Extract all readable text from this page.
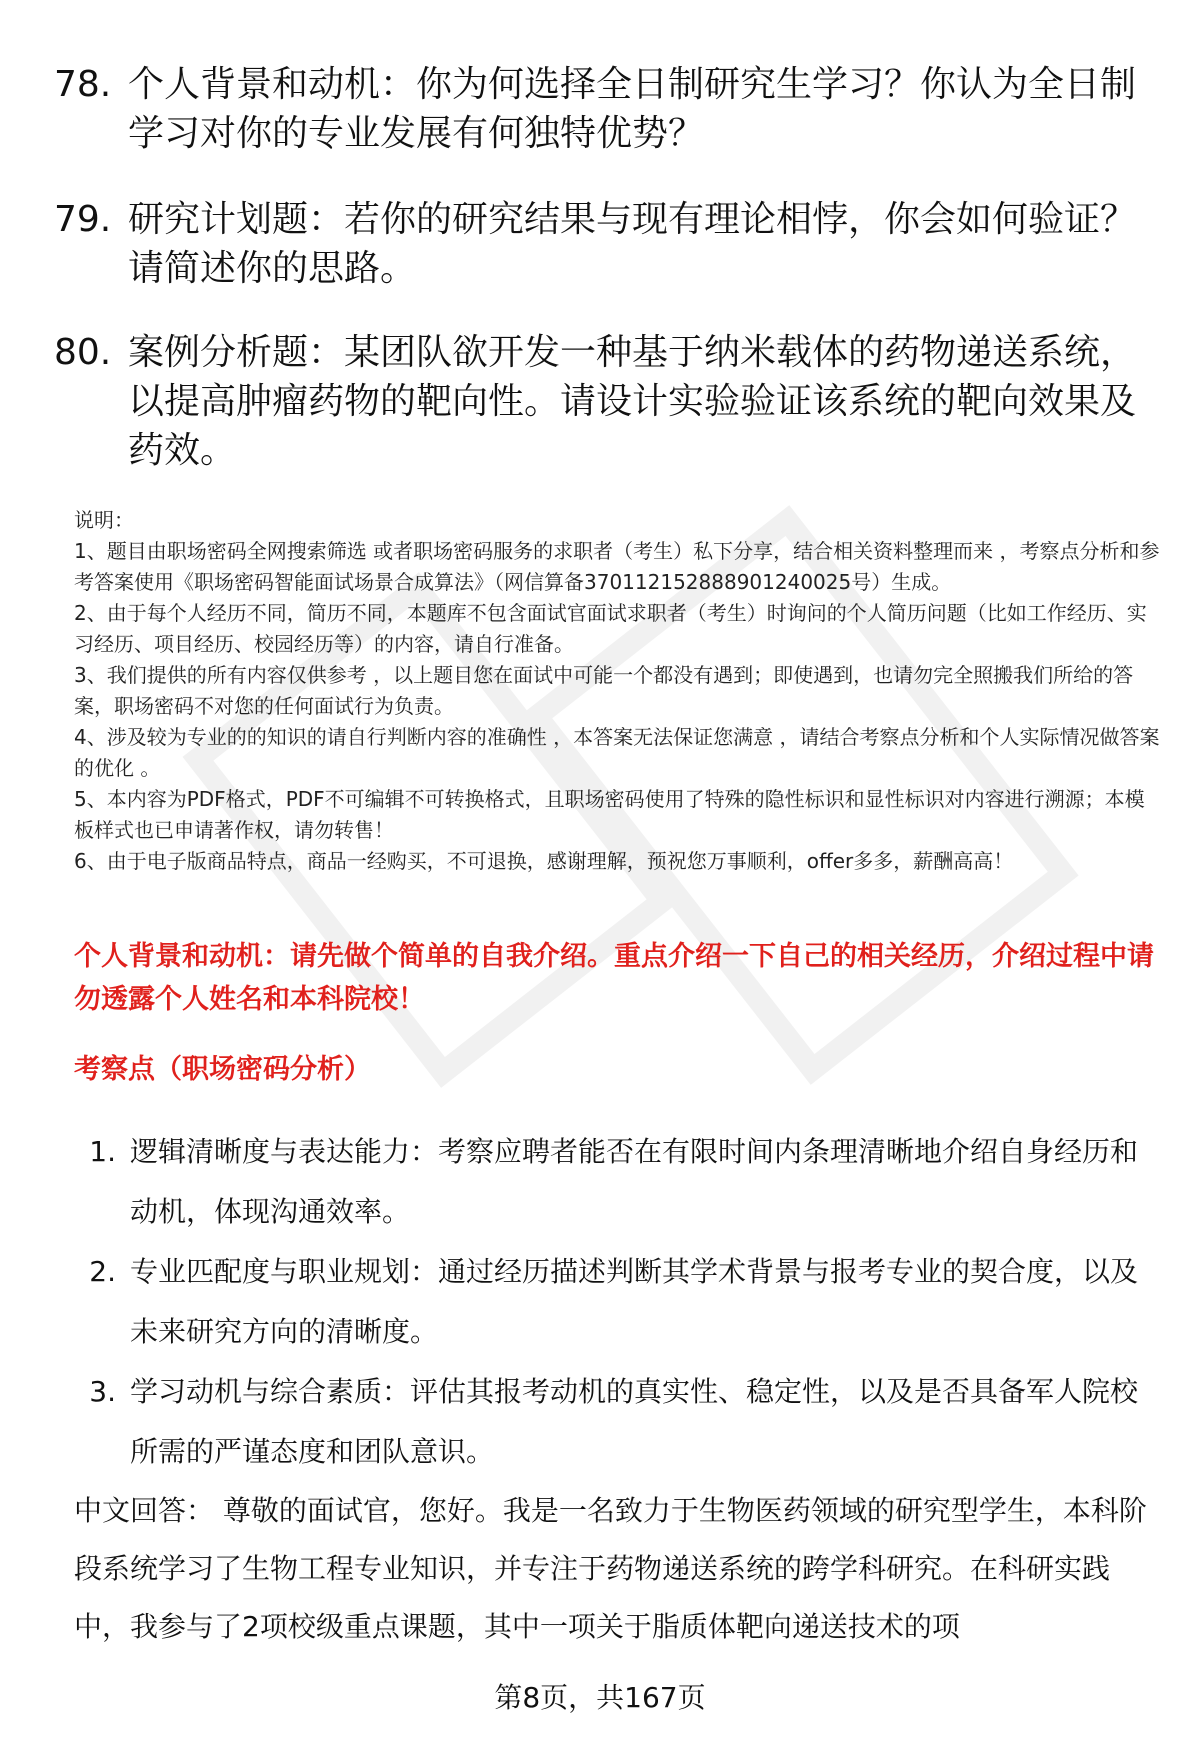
78. 个人背景和动机：你为何选择全日制研究生学习？你认为全日制学习对你的专业发展有何独特优势？
79. 研究计划题：若你的研究结果与现有理论相悖，你会如何验证？请简述你的思路。
80. 案例分析题：某团队欲开发一种基于纳米载体的药物递送系统，以提高肿瘤药物的靶向性。请设计实验验证该系统的靶向效果及药效。

说明：

1、题目由职场密码全网搜索筛选 或者职场密码服务的求职者（考生）私下分享，结合相关资料整理而来 ，考察点分析和参考答案使用《职场密码智能面试场景合成算法》（网信算备370112152888901240025号）生成。

2、由于每个人经历不同，简历不同，本题库不包含面试官面试求职者（考生）时询问的个人简历问题（比如工作经历、实习经历、项目经历、校园经历等）的内容，请自行准备。

3、我们提供的所有内容仅供参考 ，以上题目您在面试中可能一个都没有遇到；即使遇到，也请勿完全照搬我们所给的答案，职场密码不对您的任何面试行为负责。

4、涉及较为专业的的知识的请自行判断内容的准确性 ，本答案无法保证您满意 ，请结合考察点分析和个人实际情况做答案的优化 。

5、本内容为PDF格式，PDF不可编辑不可转换格式，且职场密码使用了特殊的隐性标识和显性标识对内容进行溯源；本模板样式也已申请著作权，请勿转售！

6、由于电子版商品特点，商品一经购买，不可退换，感谢理解，预祝您万事顺利，offer多多，薪酬高高！

个人背景和动机：请先做个简单的自我介绍。重点介绍一下自己的相关经历，介绍过程中请勿透露个人姓名和本科院校！
考察点（职场密码分析）
1. 逻辑清晰度与表达能力：考察应聘者能否在有限时间内条理清晰地介绍自身经历和动机，体现沟通效率。
2. 专业匹配度与职业规划：通过经历描述判断其学术背景与报考专业的契合度，以及未来研究方向的清晰度。
3. 学习动机与综合素质：评估其报考动机的真实性、稳定性，以及是否具备军人院校所需的严谨态度和团队意识。
中文回答： 尊敬的面试官，您好。我是一名致力于生物医药领域的研究型学生，本科阶段系统学习了生物工程专业知识，并专注于药物递送系统的跨学科研究。在科研实践中，我参与了2项校级重点课题，其中一项关于脂质体靶向递送技术的项
第8页，共167页
